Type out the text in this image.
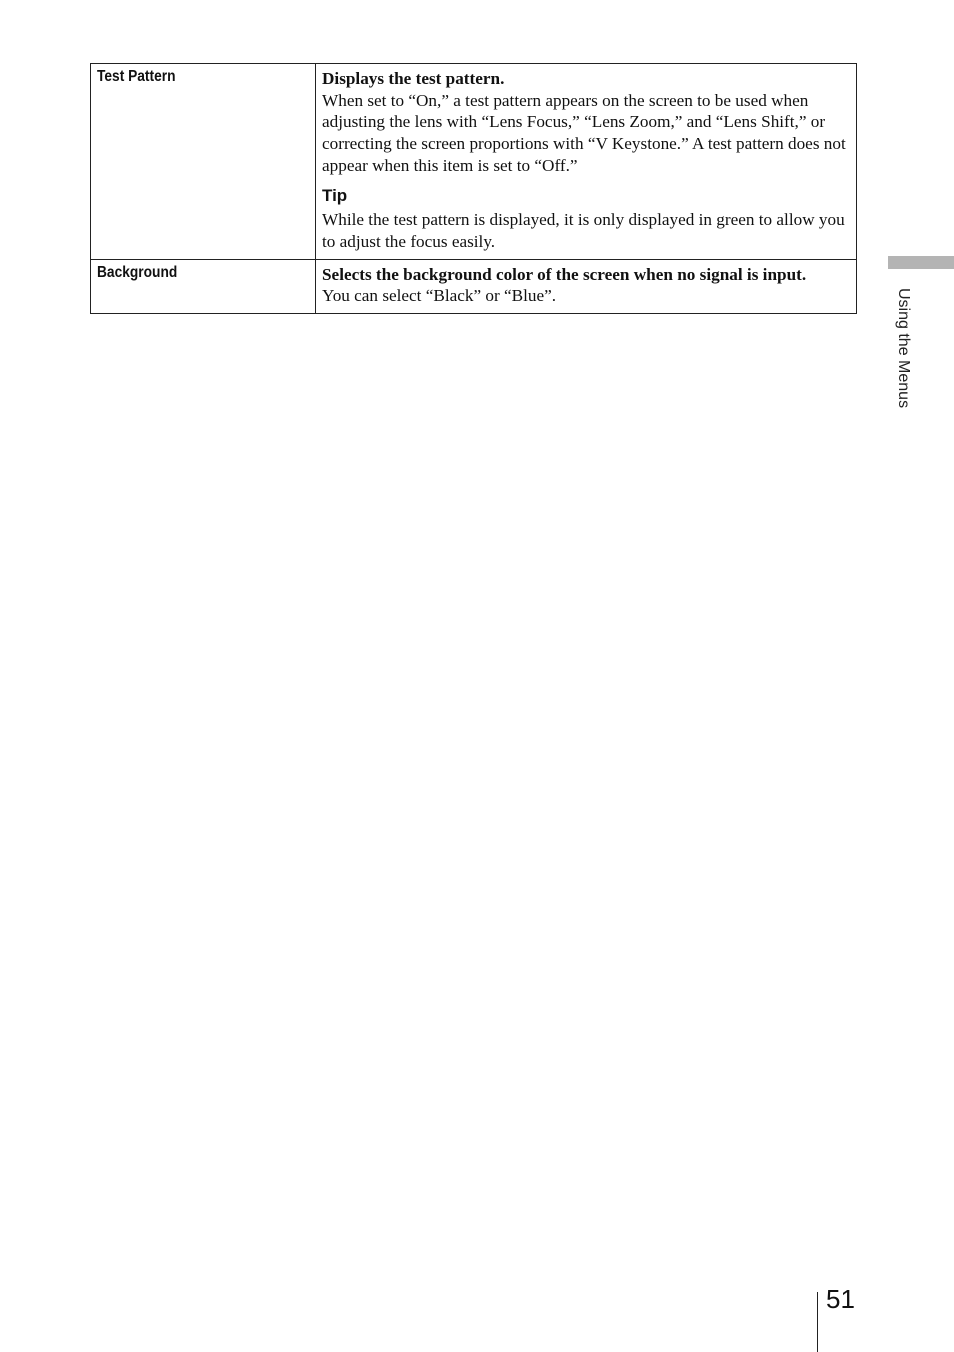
Test Pattern	Displays the test pattern.
When set to “On,” a test pattern appears on the screen to be used when adjusting the lens with “Lens Focus,” “Lens Zoom,” and “Lens Shift,” or correcting the screen proportions with “V Keystone.” A test pattern does not appear when this item is set to “Off.”
Tip
While the test pattern is displayed, it is only displayed in green to allow you to adjust the focus easily.

Background	Selects the background color of the screen when no signal is input.
You can select “Black” or “Blue”.	Using the Menus
51
